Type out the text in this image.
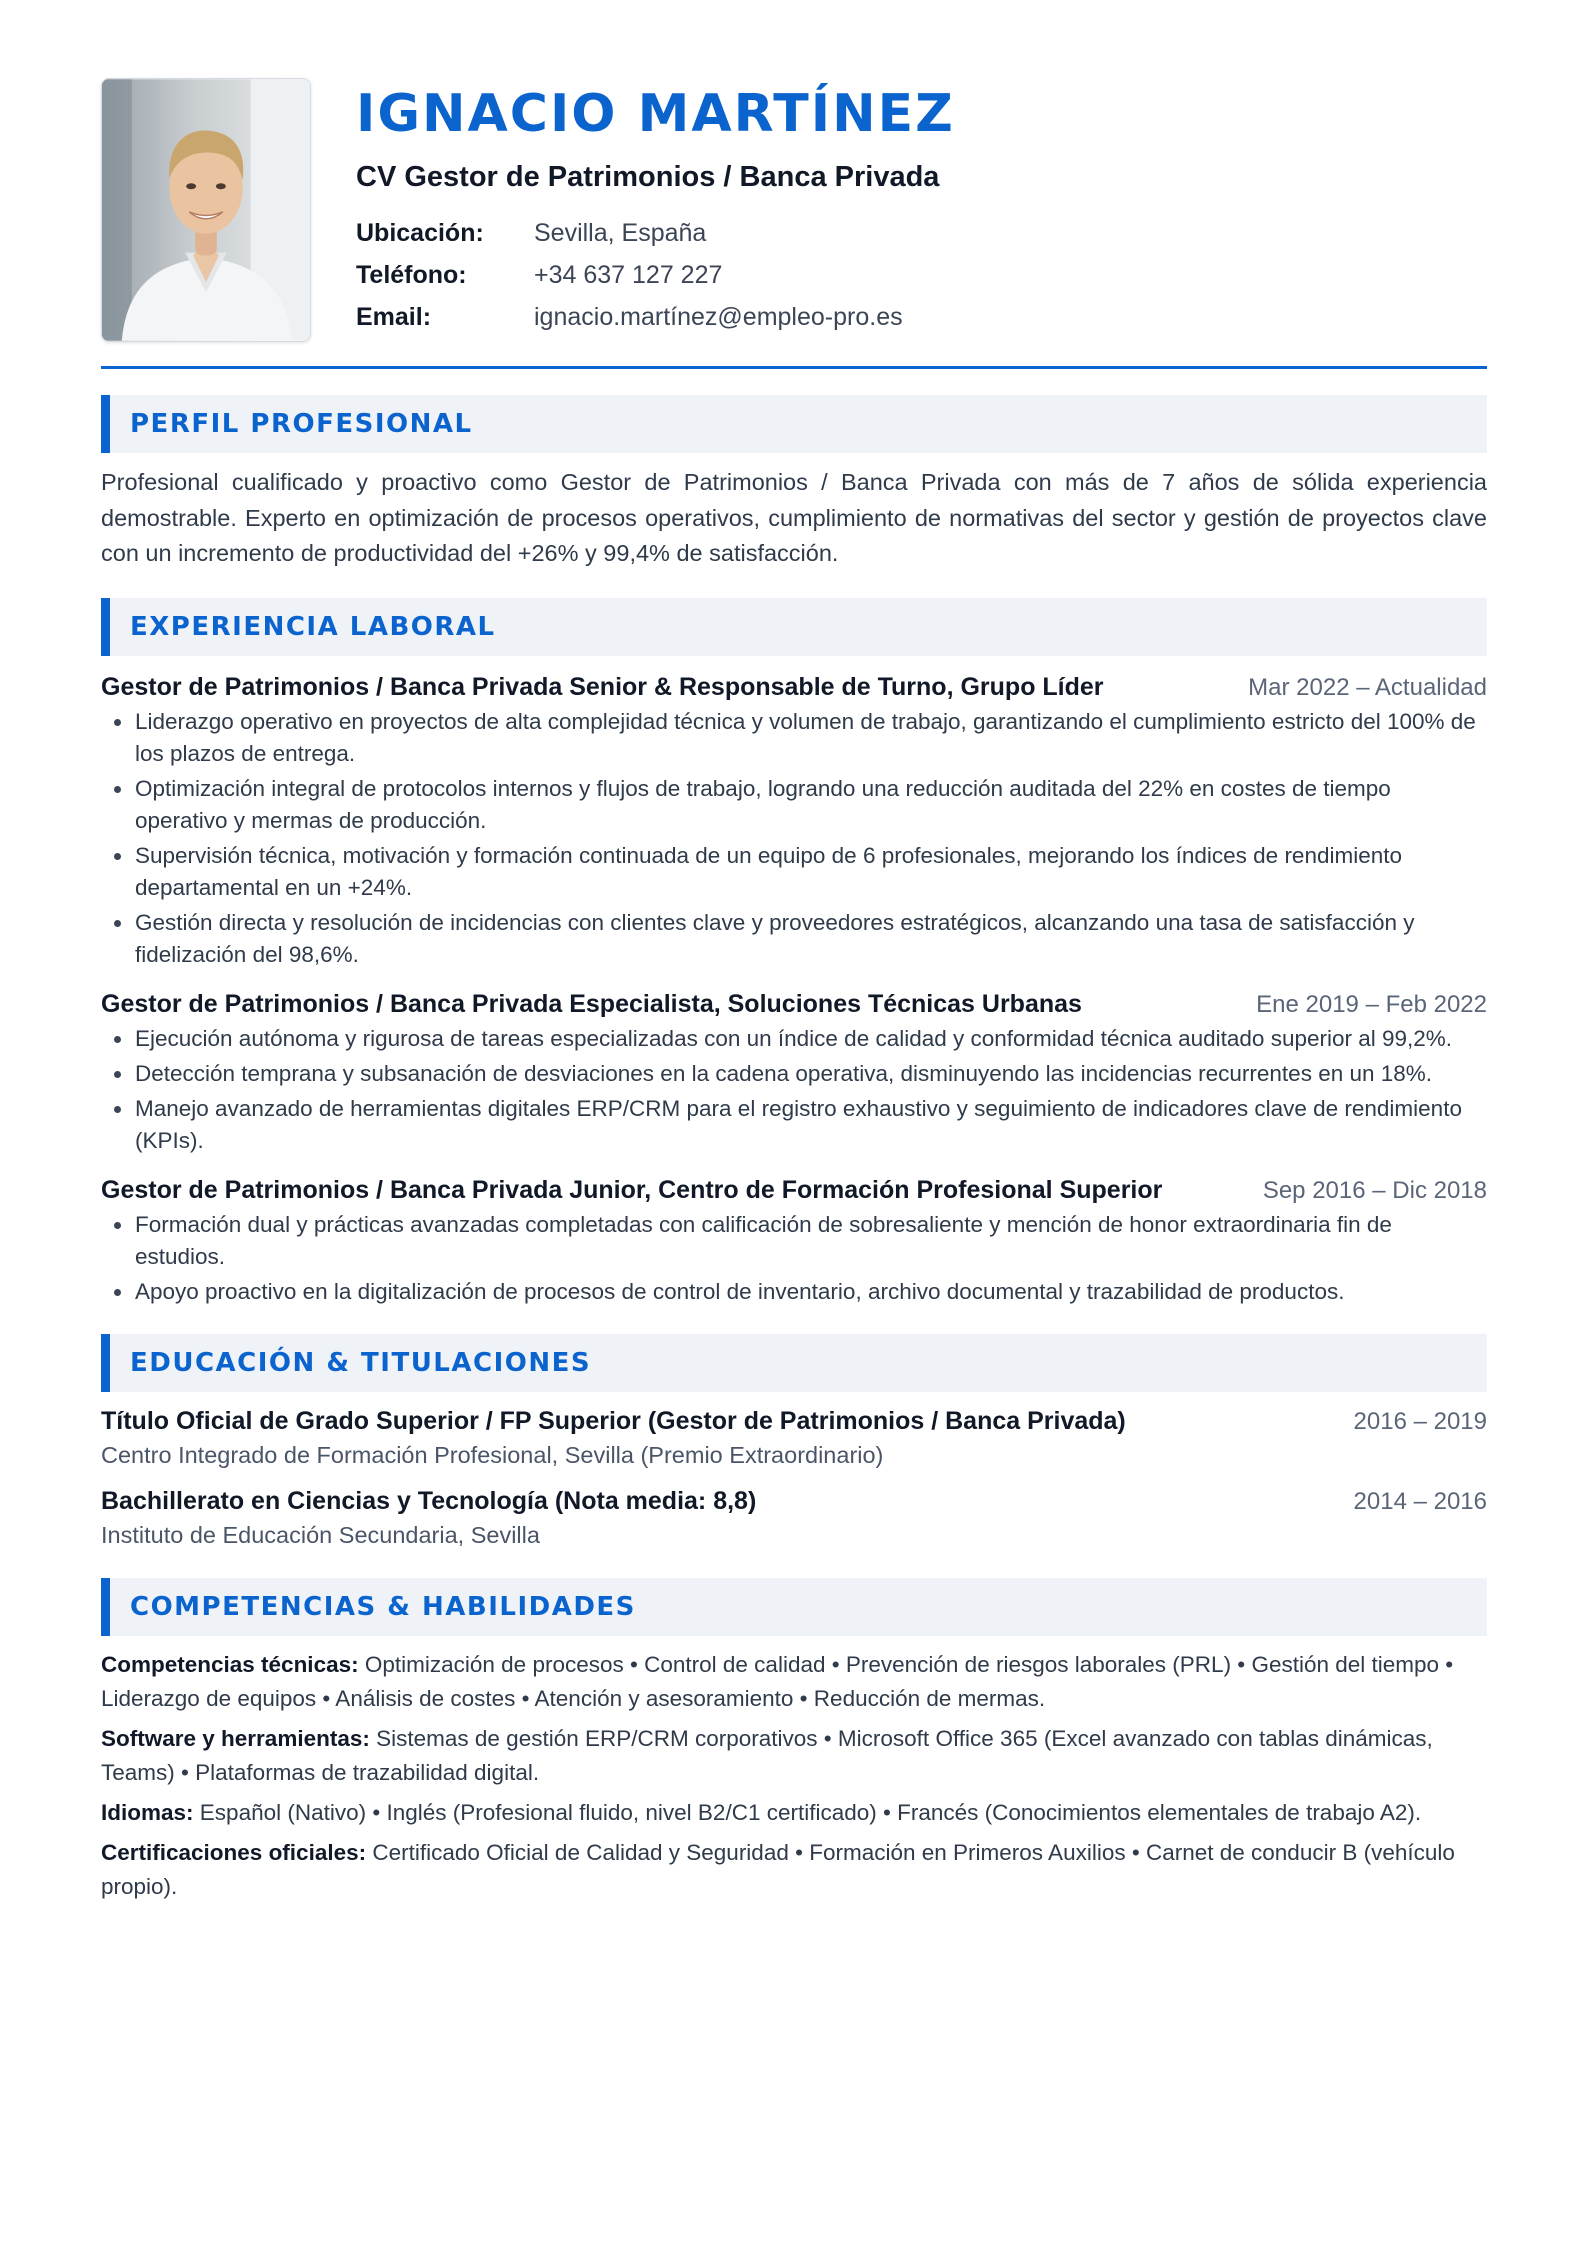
IGNACIO MARTÍNEZ
CV Gestor de Patrimonios / Banca Privada
Ubicación:	Sevilla, España
Teléfono:	+34 637 127 227
Email:	ignacio.martínez@empleo-pro.es
PERFIL PROFESIONAL

Profesional cualificado y proactivo como Gestor de Patrimonios / Banca Privada con más de 7 años de sólida experiencia demostrable. Experto en optimización de procesos operativos, cumplimiento de normativas del sector y gestión de proyectos clave con un incremento de productividad del +26% y 99,4% de satisfacción.

EXPERIENCIA LABORAL
Gestor de Patrimonios / Banca Privada Senior & Responsable de Turno, Grupo Líder	Mar 2022 – Actualidad
Liderazgo operativo en proyectos de alta complejidad técnica y volumen de trabajo, garantizando el cumplimiento estricto del 100% de los plazos de entrega.
Optimización integral de protocolos internos y flujos de trabajo, logrando una reducción auditada del 22% en costes de tiempo operativo y mermas de producción.
Supervisión técnica, motivación y formación continuada de un equipo de 6 profesionales, mejorando los índices de rendimiento departamental en un +24%.
Gestión directa y resolución de incidencias con clientes clave y proveedores estratégicos, alcanzando una tasa de satisfacción y fidelización del 98,6%.
Gestor de Patrimonios / Banca Privada Especialista, Soluciones Técnicas Urbanas	Ene 2019 – Feb 2022
Ejecución autónoma y rigurosa de tareas especializadas con un índice de calidad y conformidad técnica auditado superior al 99,2%.
Detección temprana y subsanación de desviaciones en la cadena operativa, disminuyendo las incidencias recurrentes en un 18%.
Manejo avanzado de herramientas digitales ERP/CRM para el registro exhaustivo y seguimiento de indicadores clave de rendimiento (KPIs).
Gestor de Patrimonios / Banca Privada Junior, Centro de Formación Profesional Superior	Sep 2016 – Dic 2018
Formación dual y prácticas avanzadas completadas con calificación de sobresaliente y mención de honor extraordinaria fin de estudios.
Apoyo proactivo en la digitalización de procesos de control de inventario, archivo documental y trazabilidad de productos.
EDUCACIÓN & TITULACIONES
Título Oficial de Grado Superior / FP Superior (Gestor de Patrimonios / Banca Privada)	2016 – 2019
Centro Integrado de Formación Profesional, Sevilla (Premio Extraordinario)
Bachillerato en Ciencias y Tecnología (Nota media: 8,8)	2014 – 2016
Instituto de Educación Secundaria, Sevilla
COMPETENCIAS & HABILIDADES

Competencias técnicas: Optimización de procesos • Control de calidad • Prevención de riesgos laborales (PRL) • Gestión del tiempo • Liderazgo de equipos • Análisis de costes • Atención y asesoramiento • Reducción de mermas.

Software y herramientas: Sistemas de gestión ERP/CRM corporativos • Microsoft Office 365 (Excel avanzado con tablas dinámicas, Teams) • Plataformas de trazabilidad digital.

Idiomas: Español (Nativo) • Inglés (Profesional fluido, nivel B2/C1 certificado) • Francés (Conocimientos elementales de trabajo A2).

Certificaciones oficiales: Certificado Oficial de Calidad y Seguridad • Formación en Primeros Auxilios • Carnet de conducir B (vehículo propio).
